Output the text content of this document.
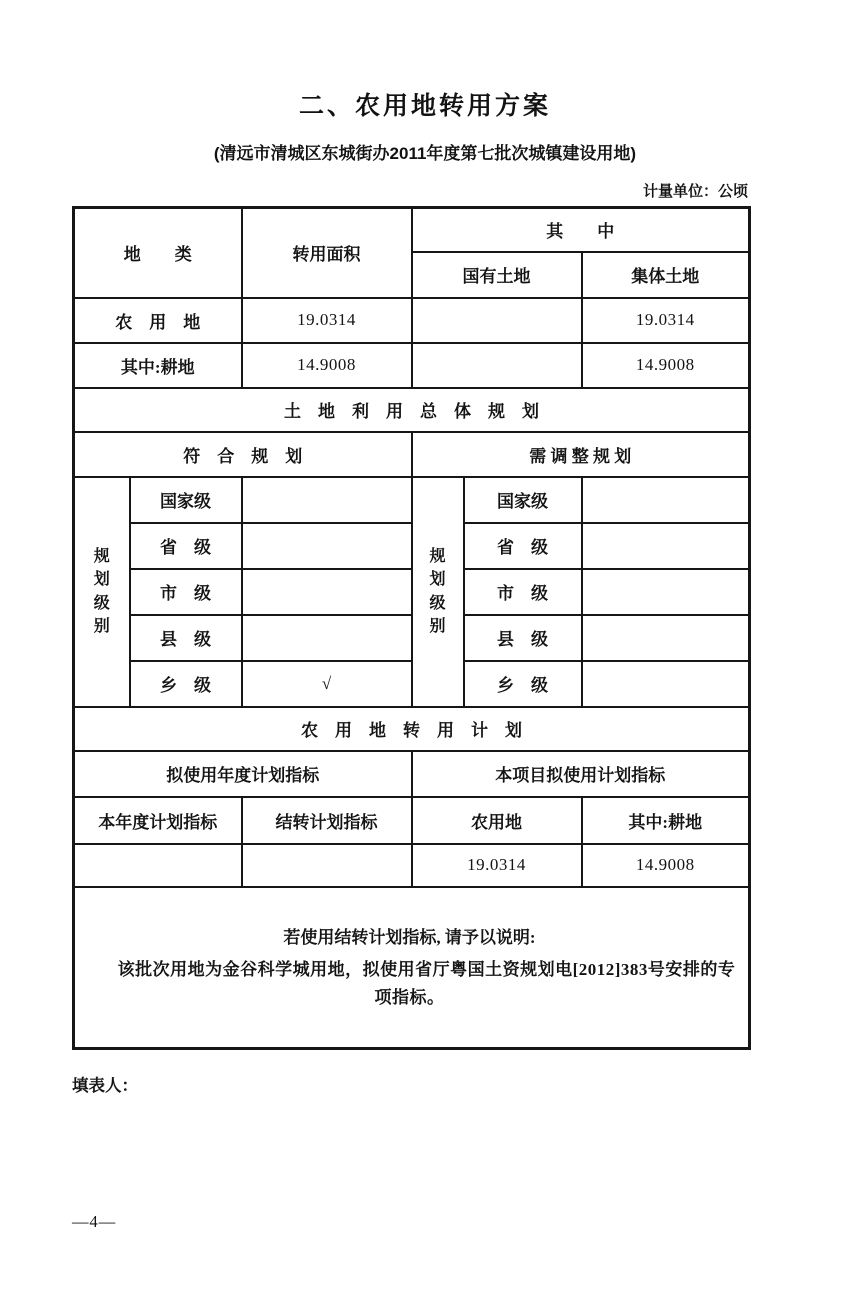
二、农用地转用方案
(清远市清城区东城街办2011年度第七批次城镇建设用地)
计量单位：公顷
地　　类		转用面积	其　　中		
			国有土地		集体土地
农　用　地		19.0314			19.0314
其中:耕地		14.9008			14.9008
土　地　利　用　总　体　规　划					
符　合　规　划			需 调 整 规 划		
规划级别	国家级		规划级别	国家级	
	省　级			省　级	
	市　级			市　级	
	县　级			县　级	
	乡　级	√		乡　级	
农　用　地　转　用　计　划					
拟使用年度计划指标			本项目拟使用计划指标		
本年度计划指标		结转计划指标	农用地		其中:耕地
			19.0314		14.9008

若使用结转计划指标, 请予以说明:
该批次用地为金谷科学城用地，拟使用省厅粤国土资规划电[2012]383号安排的专项指标。					
填表人：
—4—
